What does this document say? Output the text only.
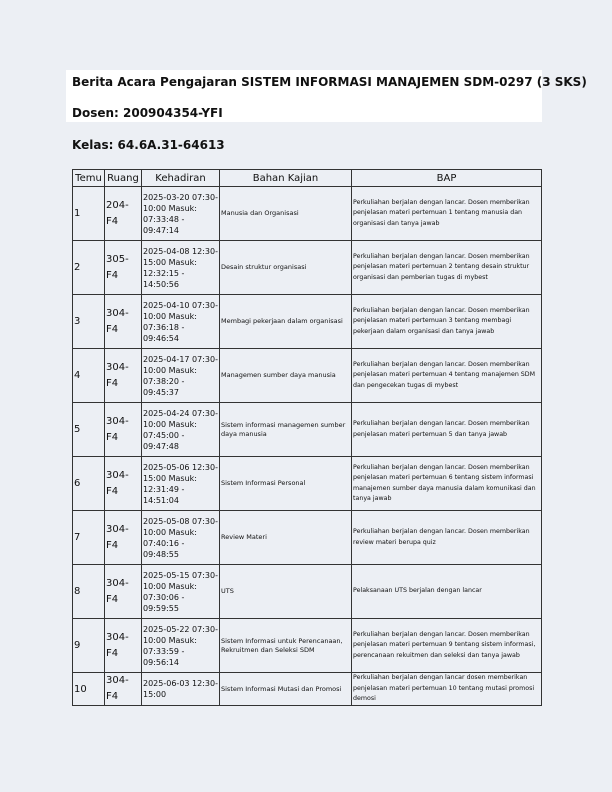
Berita Acara Pengajaran SISTEM INFORMASI MANAJEMEN SDM-0297 (3 SKS)
Dosen: 200904354-YFI
Kelas: 64.6A.31-64613
Temu	Ruang	Kehadiran	Bahan Kajian	BAP
1	204-F4	2025-03-20 07:30-10:00 Masuk: 07:33:48 - 09:47:14	Manusia dan Organisasi	Perkuliahan berjalan dengan lancar. Dosen memberikan penjelasan materi pertemuan 1 tentang manusia dan organisasi dan tanya jawab
2	305-F4	2025-04-08 12:30-15:00 Masuk: 12:32:15 - 14:50:56	Desain struktur organisasi	Perkuliahan berjalan dengan lancar. Dosen memberikan penjelasan materi pertemuan 2 tentang desain struktur organisasi dan pemberian tugas di mybest
3	304-F4	2025-04-10 07:30-10:00 Masuk: 07:36:18 - 09:46:54	Membagi pekerjaan dalam organisasi	Perkuliahan berjalan dengan lancar. Dosen memberikan penjelasan materi pertemuan 3 tentang membagi pekerjaan dalam organisasi dan tanya jawab
4	304-F4	2025-04-17 07:30-10:00 Masuk: 07:38:20 - 09:45:37	Managemen sumber daya manusia	Perkuliahan berjalan dengan lancar. Dosen memberikan penjelasan materi pertemuan 4 tentang manajemen SDM dan pengecekan tugas di mybest
5	304-F4	2025-04-24 07:30-10:00 Masuk: 07:45:00 - 09:47:48	Sistem informasi managemen sumber daya manusia	Perkuliahan berjalan dengan lancar. Dosen memberikan penjelasan materi pertemuan 5 dan tanya jawab
6	304-F4	2025-05-06 12:30-15:00 Masuk: 12:31:49 - 14:51:04	Sistem Informasi Personal	Perkuliahan berjalan dengan lancar. Dosen memberikan penjelasan materi pertemuan 6 tentang sistem informasi manajemen sumber daya manusia dalam komunikasi dan tanya jawab
7	304-F4	2025-05-08 07:30-10:00 Masuk: 07:40:16 - 09:48:55	Review Materi	Perkuliahan berjalan dengan lancar. Dosen memberikan review materi berupa quiz
8	304-F4	2025-05-15 07:30-10:00 Masuk: 07:30:06 - 09:59:55	UTS	Pelaksanaan UTS berjalan dengan lancar
9	304-F4	2025-05-22 07:30-10:00 Masuk: 07:33:59 - 09:56:14	Sistem Informasi untuk Perencanaan, Rekruitmen dan Seleksi SDM	Perkuliahan berjalan dengan lancar. Dosen memberikan penjelasan materi pertemuan 9 tentang sistem informasi, perencanaan rekuitmen dan seleksi dan tanya jawab
10	304-F4	2025-06-03 12:30-15:00	Sistem Informasi Mutasi dan Promosi	Perkuliahan berjalan dengan lancar dosen memberikan penjelasan materi pertemuan 10 tentang mutasi promosi demosi
